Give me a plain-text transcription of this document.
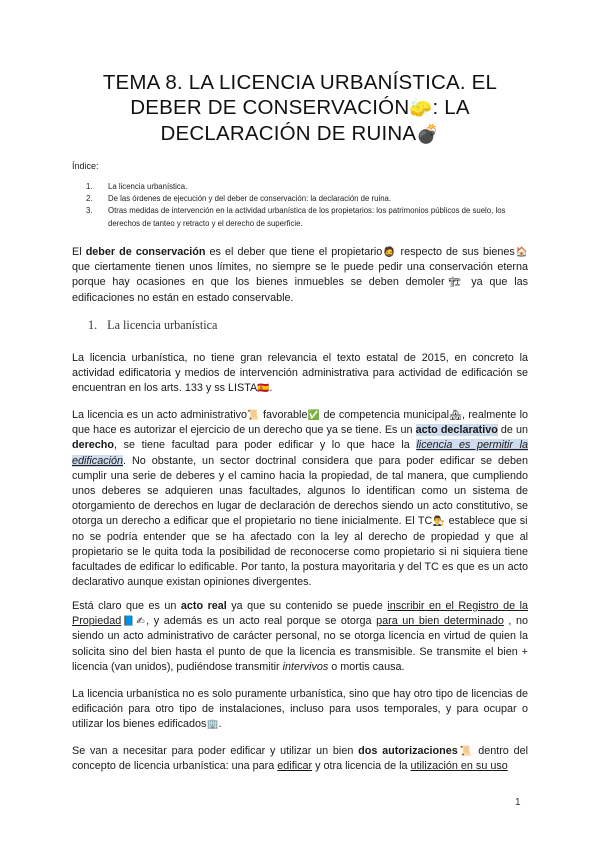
TEMA 8. LA LICENCIA URBANÍSTICA. EL
DEBER DE CONSERVACIÓN🧽: LA
DECLARACIÓN DE RUINA💣
Índice:
1.	La licencia urbanística.
2.	De las órdenes de ejecución y del deber de conservación: la declaración de ruina.
3.	Otras medidas de intervención en la actividad urbanística de los propietarios: los patrimonios públicos de suelo, los derechos de tanteo y retracto y el derecho de superficie.
El deber de conservación es el deber que tiene el propietario🧔 respecto de sus bienes🏠 que ciertamente tienen unos límites, no siempre se le puede pedir una conservación eterna porque hay ocasiones en que los bienes inmuebles se deben demoler🏗 ya que las edificaciones no están en estado conservable.
1. La licencia urbanística
La licencia urbanística, no tiene gran relevancia el texto estatal de 2015, en concreto la actividad edificatoria y medios de intervención administrativa para actividad de edificación se encuentran en los arts. 133 y ss LISTA🇪🇸.
La licencia es un acto administrativo📜 favorable✅ de competencia municipal🏘, realmente lo que hace es autorizar el ejercicio de un derecho que ya se tiene. Es un acto declarativo de un derecho, se tiene facultad para poder edificar y lo que hace la licencia es permitir la edificación. No obstante, un sector doctrinal considera que para poder edificar se deben cumplir una serie de deberes y el camino hacia la propiedad, de tal manera, que cumpliendo unos deberes se adquieren unas facultades, algunos lo identifican como un sistema de otorgamiento de derechos en lugar de declaración de derechos siendo un acto constitutivo, se otorga un derecho a edificar que el propietario no tiene inicialmente. El TC👨‍⚖ establece que si no se podría entender que se ha afectado con la ley al derecho de propiedad y que al propietario se le quita toda la posibilidad de reconocerse como propietario si ni siquiera tiene facultades de edificar lo edificable. Por tanto, la postura mayoritaria y del TC es que es un acto declarativo aunque existan opiniones divergentes.
Está claro que es un acto real ya que su contenido se puede inscribir en el Registro de la Propiedad📘✍, y además es un acto real porque se otorga para un bien determinado , no siendo un acto administrativo de carácter personal, no se otorga licencia en virtud de quien la solicita sino del bien hasta el punto de que la licencia es transmisible. Se transmite el bien + licencia (van unidos), pudiéndose transmitir intervivos o mortis causa.
La licencia urbanística no es solo puramente urbanística, sino que hay otro tipo de licencias de edificación para otro tipo de instalaciones, incluso para usos temporales, y para ocupar o utilizar los bienes edificados🏢.
Se van a necesitar para poder edificar y utilizar un bien dos autorizaciones📜 dentro del concepto de licencia urbanística: una para edificar y otra licencia de la utilización en su uso
1
